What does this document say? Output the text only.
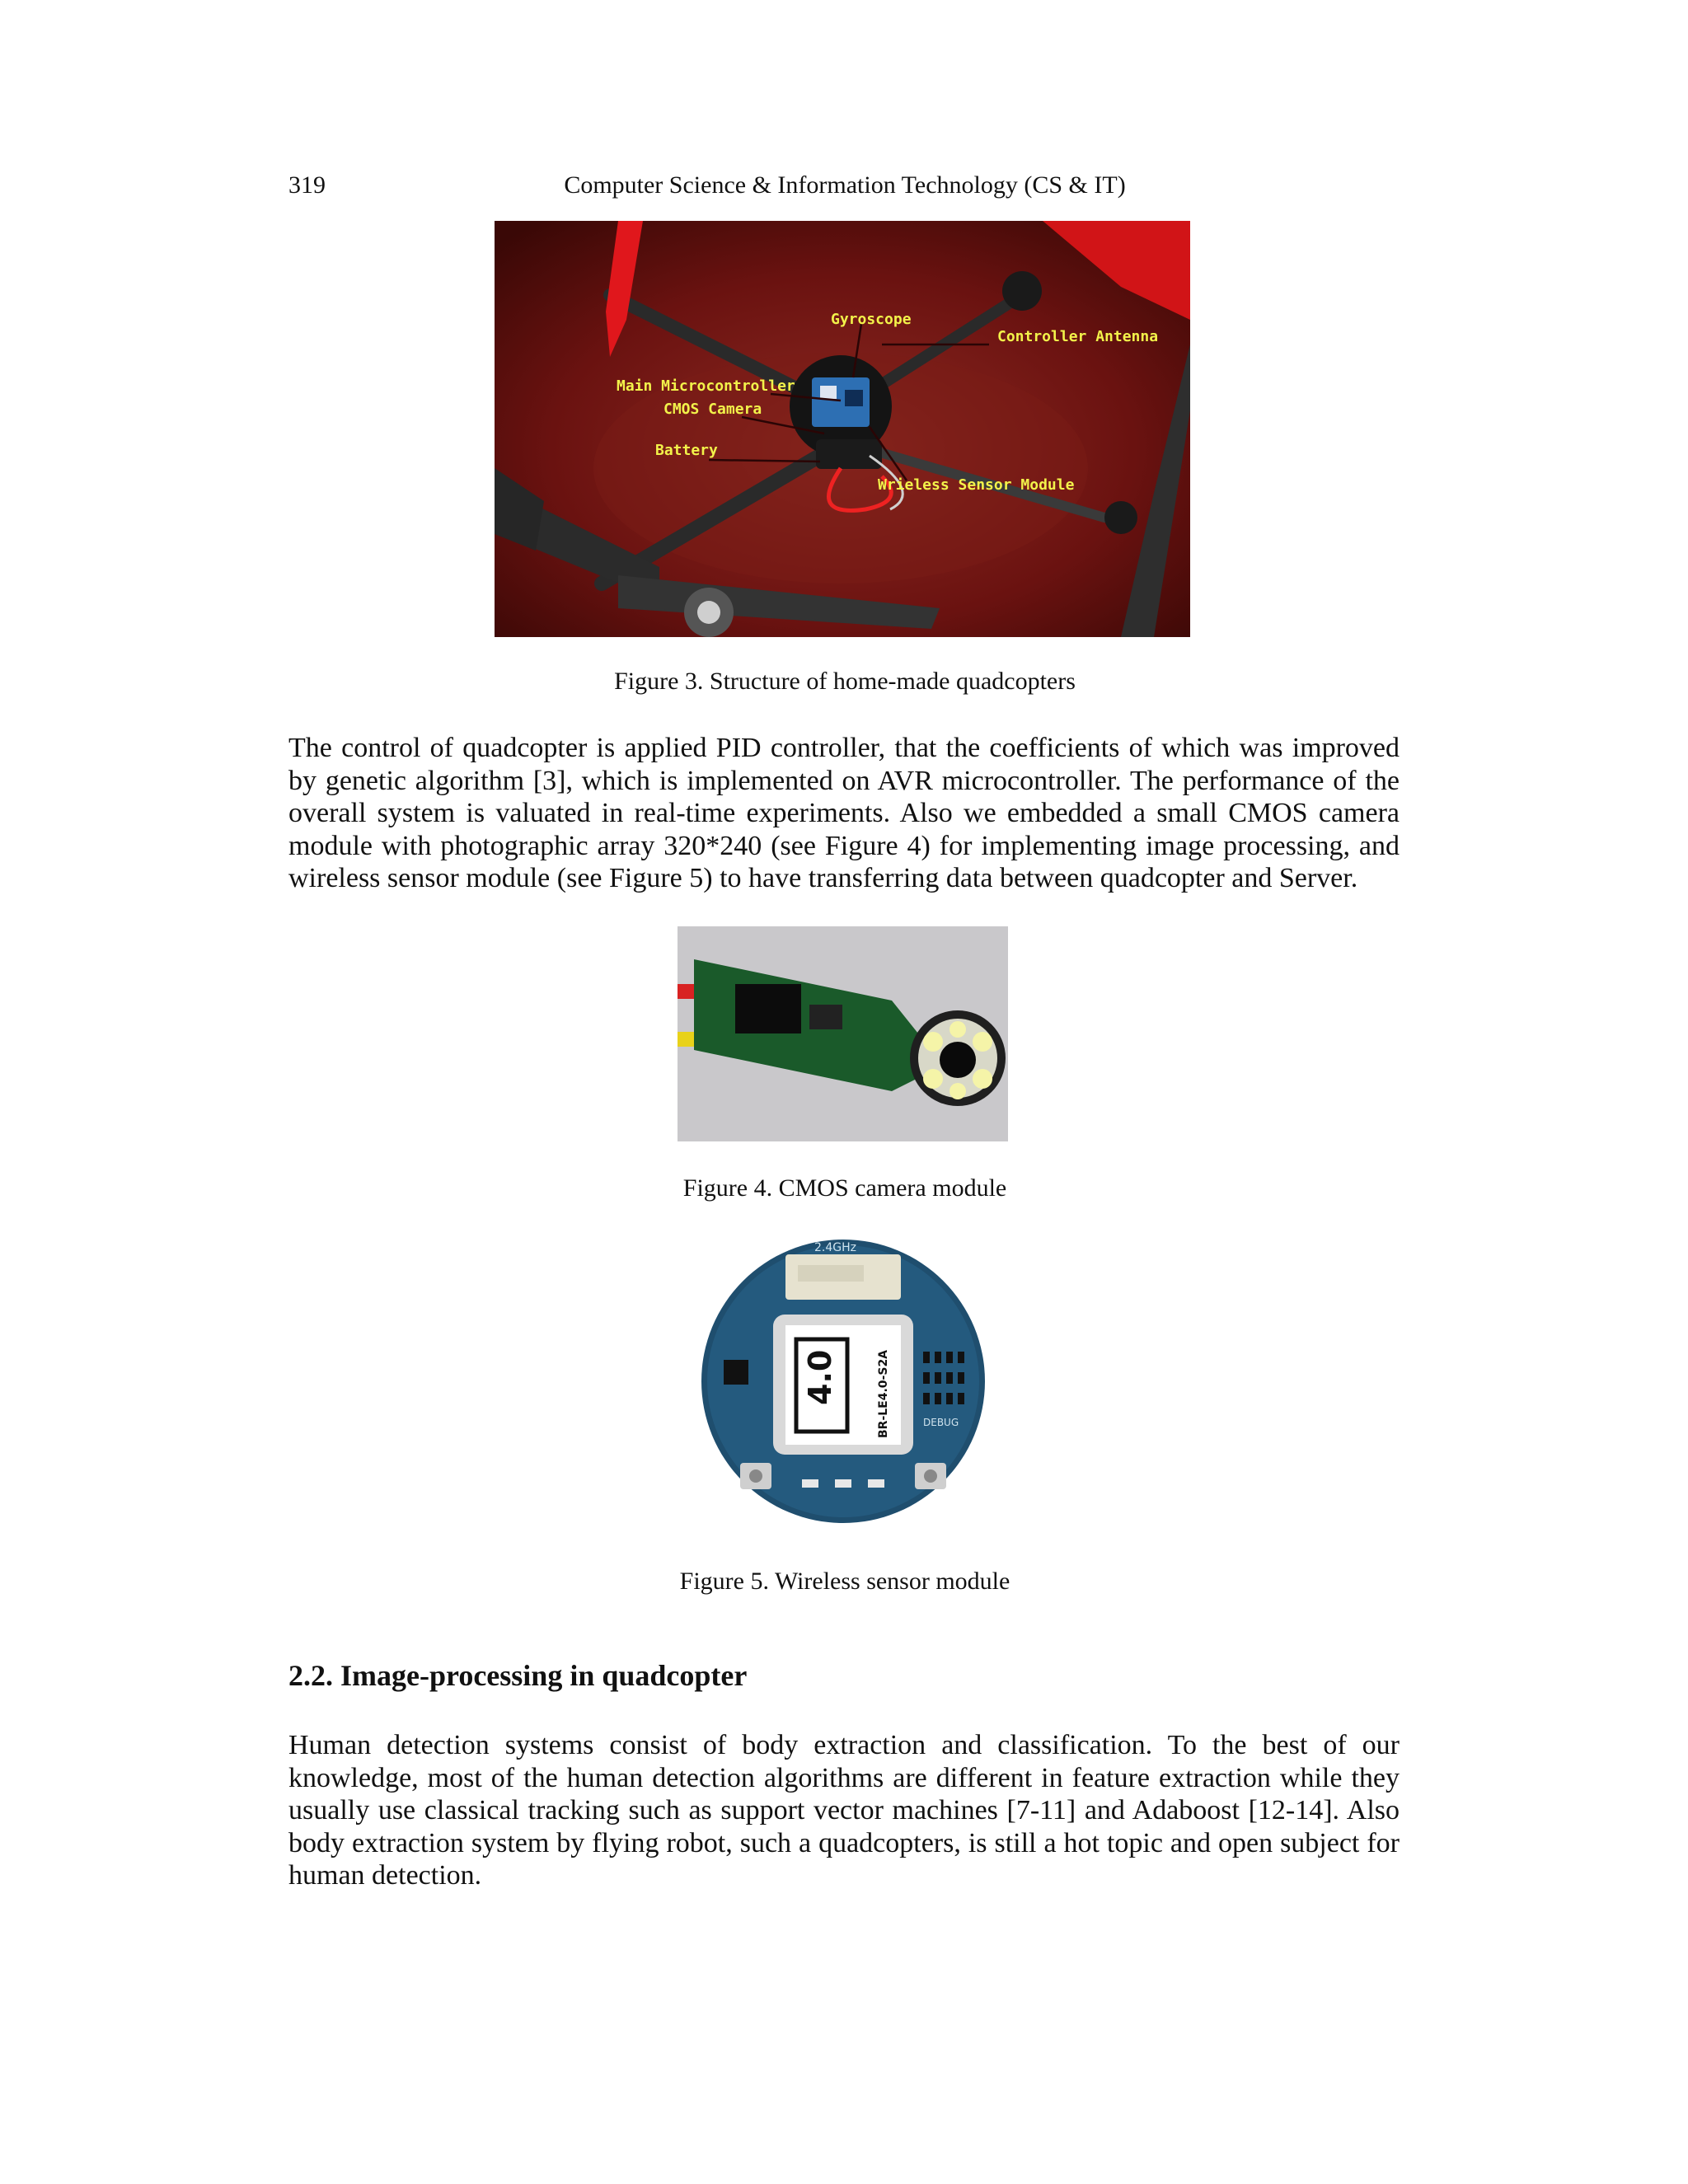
319	Computer Science & Information Technology (CS & IT)
Gyroscope
Controller Antenna
Main Microcontroller
CMOS Camera
Battery
Wrieless Sensor Module
Figure 3. Structure of home-made quadcopters

The control of quadcopter is applied PID controller, that the coefficients of which was improved by genetic algorithm [3], which is implemented on AVR microcontroller. The performance of the overall system is valuated in real-time experiments. Also we embedded a small CMOS camera module with photographic array 320*240 (see Figure 4) for implementing image processing, and wireless sensor module (see Figure 5) to have transferring data between quadcopter and Server.

Figure 4. CMOS camera module
2.4GHz
4.0	BR-LE4.0-S2A	DEBUG
Figure 5. Wireless sensor module
2.2. Image-processing in quadcopter

Human detection systems consist of body extraction and classification. To the best of our knowledge, most of the human detection algorithms are different in feature extraction while they usually use classical tracking such as support vector machines [7-11] and Adaboost [12-14]. Also body extraction system by flying robot, such a quadcopters, is still a hot topic and open subject for human detection.
